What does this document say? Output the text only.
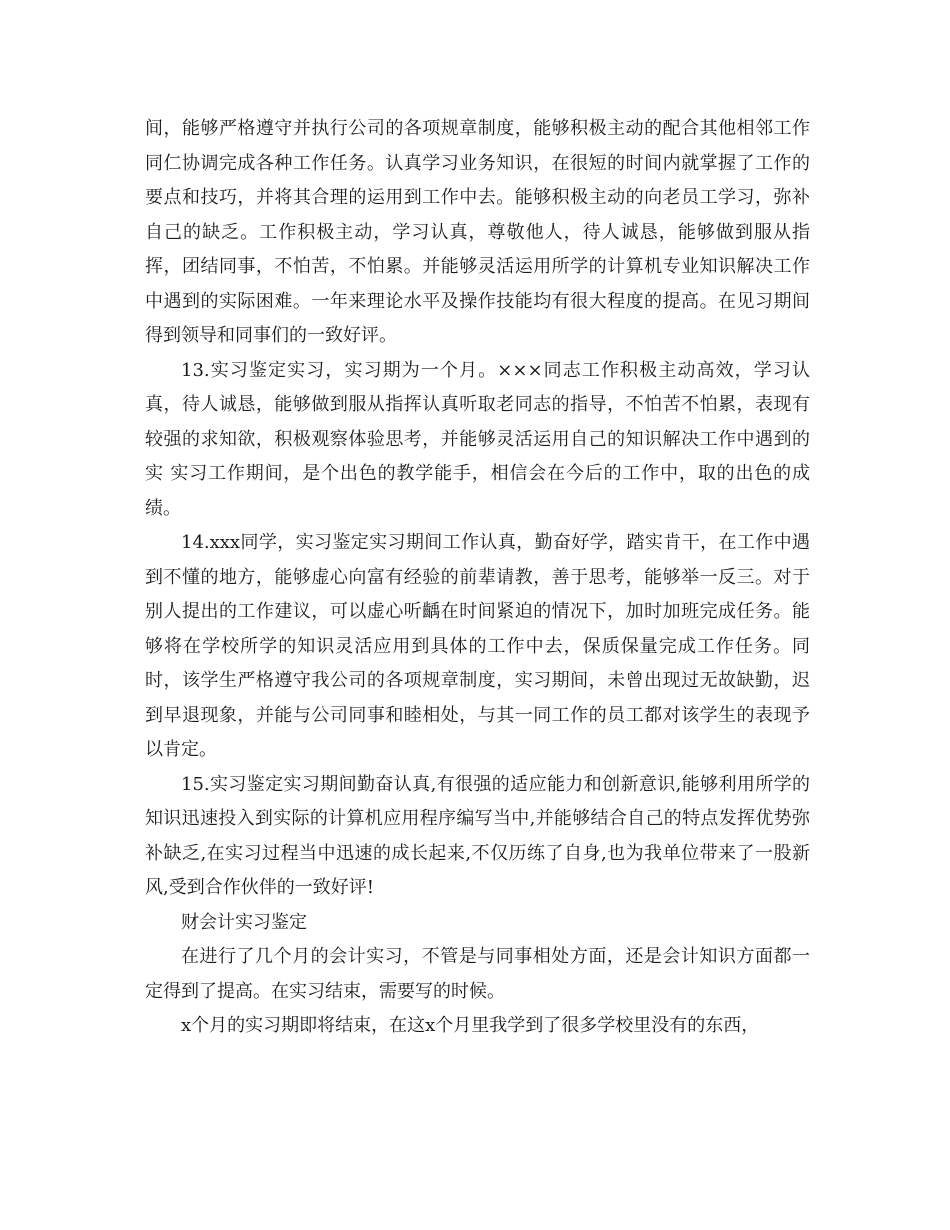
间，能够严格遵守并执行公司的各项规章制度，能够积极主动的配合其他相邻工作同仁协调完成各种工作任务。认真学习业务知识，在很短的时间内就掌握了工作的要点和技巧，并将其合理的运用到工作中去。能够积极主动的向老员工学习，弥补自己的缺乏。工作积极主动，学习认真，尊敬他人，待人诚恳，能够做到服从指挥，团结同事，不怕苦，不怕累。并能够灵活运用所学的计算机专业知识解决工作中遇到的实际困难。一年来理论水平及操作技能均有很大程度的提高。在见习期间得到领导和同事们的一致好评。

13.实习鉴定实习，实习期为一个月。×××同志工作积极主动高效，学习认真，待人诚恳，能够做到服从指挥认真听取老同志的指导，不怕苦不怕累，表现有较强的求知欲，积极观察体验思考，并能够灵活运用自己的知识解决工作中遇到的实 实习工作期间，是个出色的教学能手，相信会在今后的工作中，取的出色的成绩。

14.xxx同学，实习鉴定实习期间工作认真，勤奋好学，踏实肯干，在工作中遇到不懂的地方，能够虚心向富有经验的前辈请教，善于思考，能够举一反三。对于别人提出的工作建议，可以虚心听齲在时间紧迫的情况下，加时加班完成任务。能够将在学校所学的知识灵活应用到具体的工作中去，保质保量完成工作任务。同时，该学生严格遵守我公司的各项规章制度，实习期间，未曾出现过无故缺勤，迟到早退现象，并能与公司同事和睦相处，与其一同工作的员工都对该学生的表现予以肯定。

15.实习鉴定实习期间勤奋认真,有很强的适应能力和创新意识,能够利用所学的知识迅速投入到实际的计算机应用程序编写当中,并能够结合自己的特点发挥优势弥补缺乏,在实习过程当中迅速的成长起来,不仅历练了自身,也为我单位带来了一股新风,受到合作伙伴的一致好评!

财会计实习鉴定

在进行了几个月的会计实习，不管是与同事相处方面，还是会计知识方面都一定得到了提高。在实习结束，需要写的时候。

x个月的实习期即将结束，在这x个月里我学到了很多学校里没有的东西，
